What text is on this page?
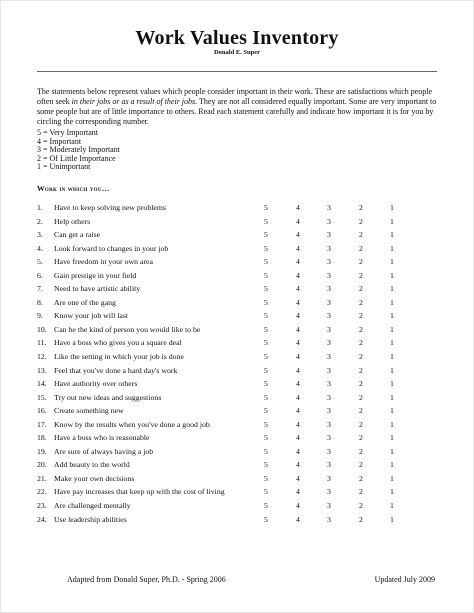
Work Values Inventory
Donald E. Super

The statements below represent values which people consider important in their work. These are satisfactions which people often seek in their jobs or as a result of their jobs. They are not all considered equally important. Some are very important to some people but are of little importance to others. Read each statement carefully and indicate how important it is for you by circling the corresponding number.

5 = Very Important
4 = Important
3 = Moderately Important
2 = Of Little Importance
1 = Unimportant
Work in which you…
1. Have to keep solving new problems	5	4	3	2	1
2. Help others	5	4	3	2	1
3. Can get a raise	5	4	3	2	1
4. Look forward to changes in your job	5	4	3	2	1
5. Have freedom in your own area	5	4	3	2	1
6. Gain prestige in your field	5	4	3	2	1
7. Need to have artistic ability	5	4	3	2	1
8. Are one of the gang	5	4	3	2	1
9. Know your job will last	5	4	3	2	1
10. Can be the kind of person you would like to be	5	4	3	2	1
11. Have a boss who gives you a square deal	5	4	3	2	1
12. Like the setting in which your job is done	5	4	3	2	1
13. Feel that you've done a hard day's work	5	4	3	2	1
14. Have authority over others	5	4	3	2	1
15. Try out new ideas and suggestions	5	4	3	2	1
16. Create something new	5	4	3	2	1
17. Know by the results when you've done a good job	5	4	3	2	1
18. Have a boss who is reasonable	5	4	3	2	1
19. Are sure of always having a job	5	4	3	2	1
20. Add beauty to the world	5	4	3	2	1
21. Make your own decisions	5	4	3	2	1
22. Have pay increases that keep up with the cost of living	5	4	3	2	1
23. Are challenged mentally	5	4	3	2	1
24. Use leadership abilities	5	4	3	2	1
Adapted from Donald Super, Ph.D. - Spring 2006	Updated July 2009
